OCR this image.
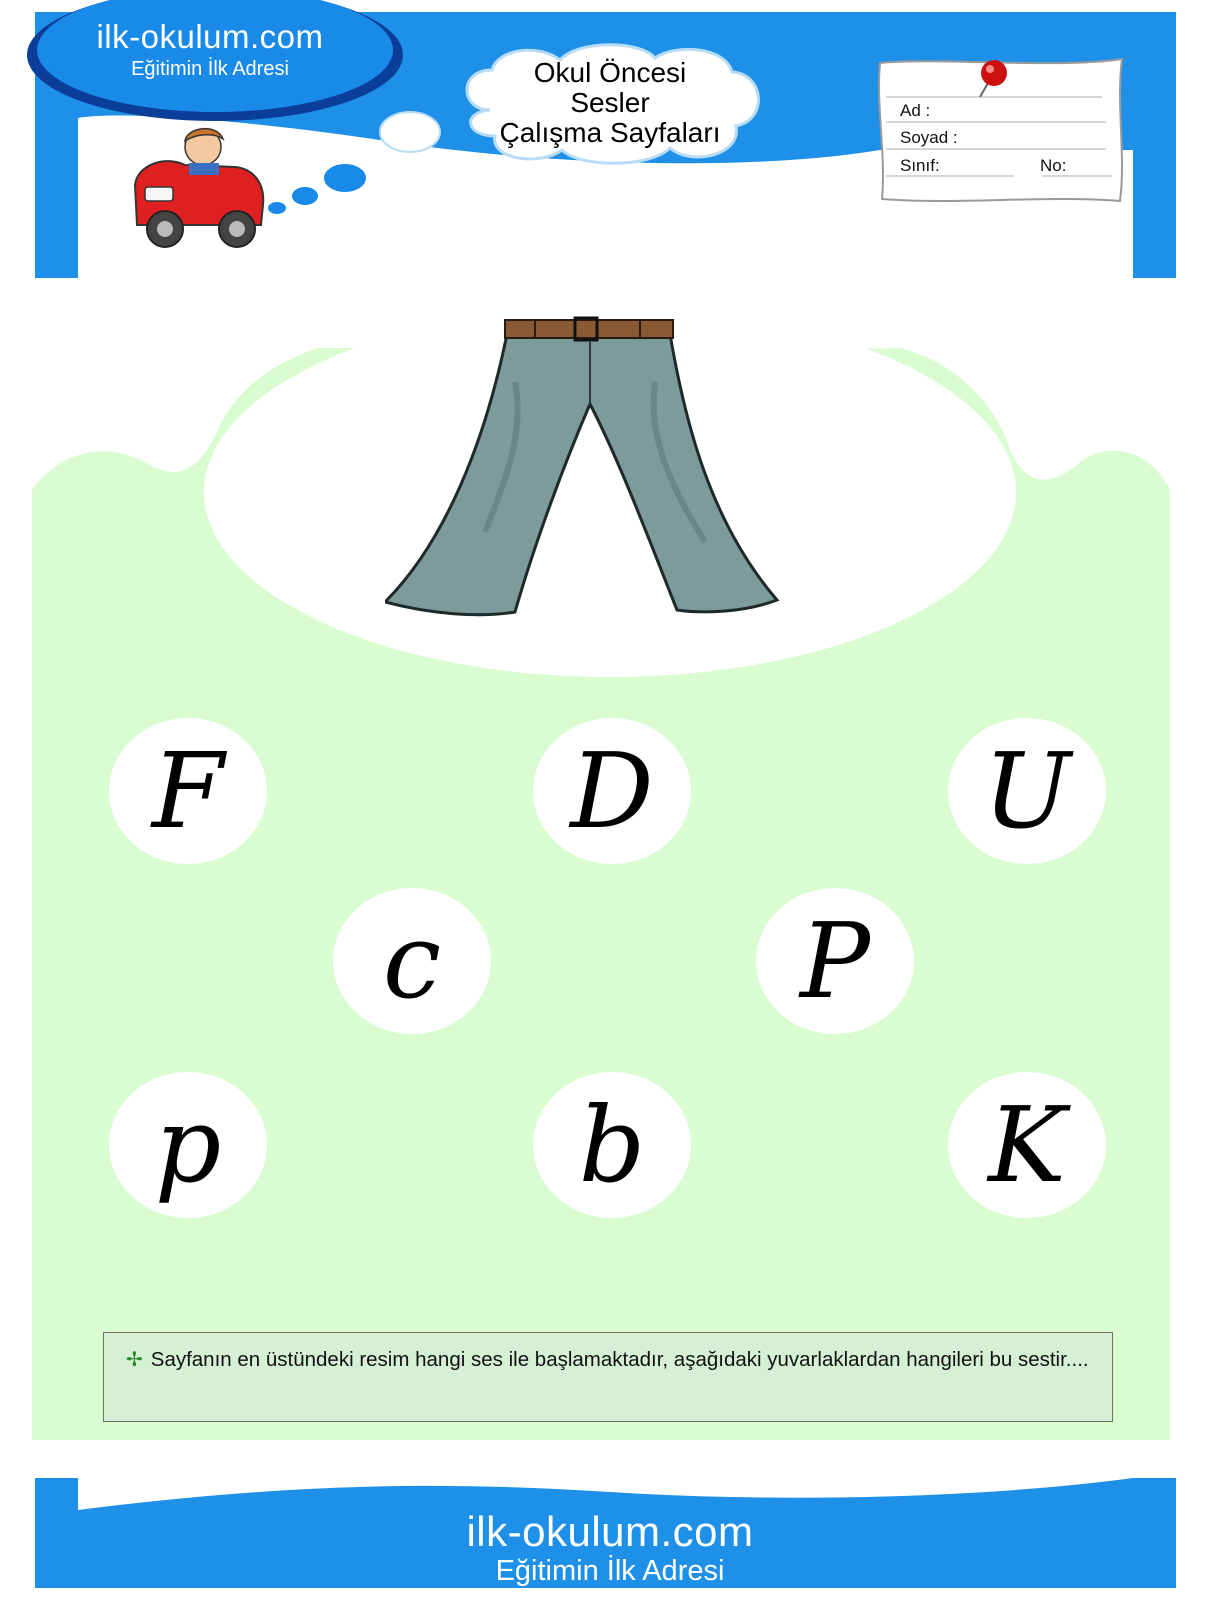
ilk-okulum.com
Eğitimin İlk Adresi	Okul Öncesi
Sesler
Çalışma Sayfaları
Ad :
Soyad :
Sınıf:	No:
F	D	U
c	P
p	b	K
✢ Sayfanın en üstündeki resim hangi ses ile başlamaktadır, aşağıdaki yuvarlaklardan hangileri bu sestir....
ilk-okulum.com
Eğitimin İlk Adresi
